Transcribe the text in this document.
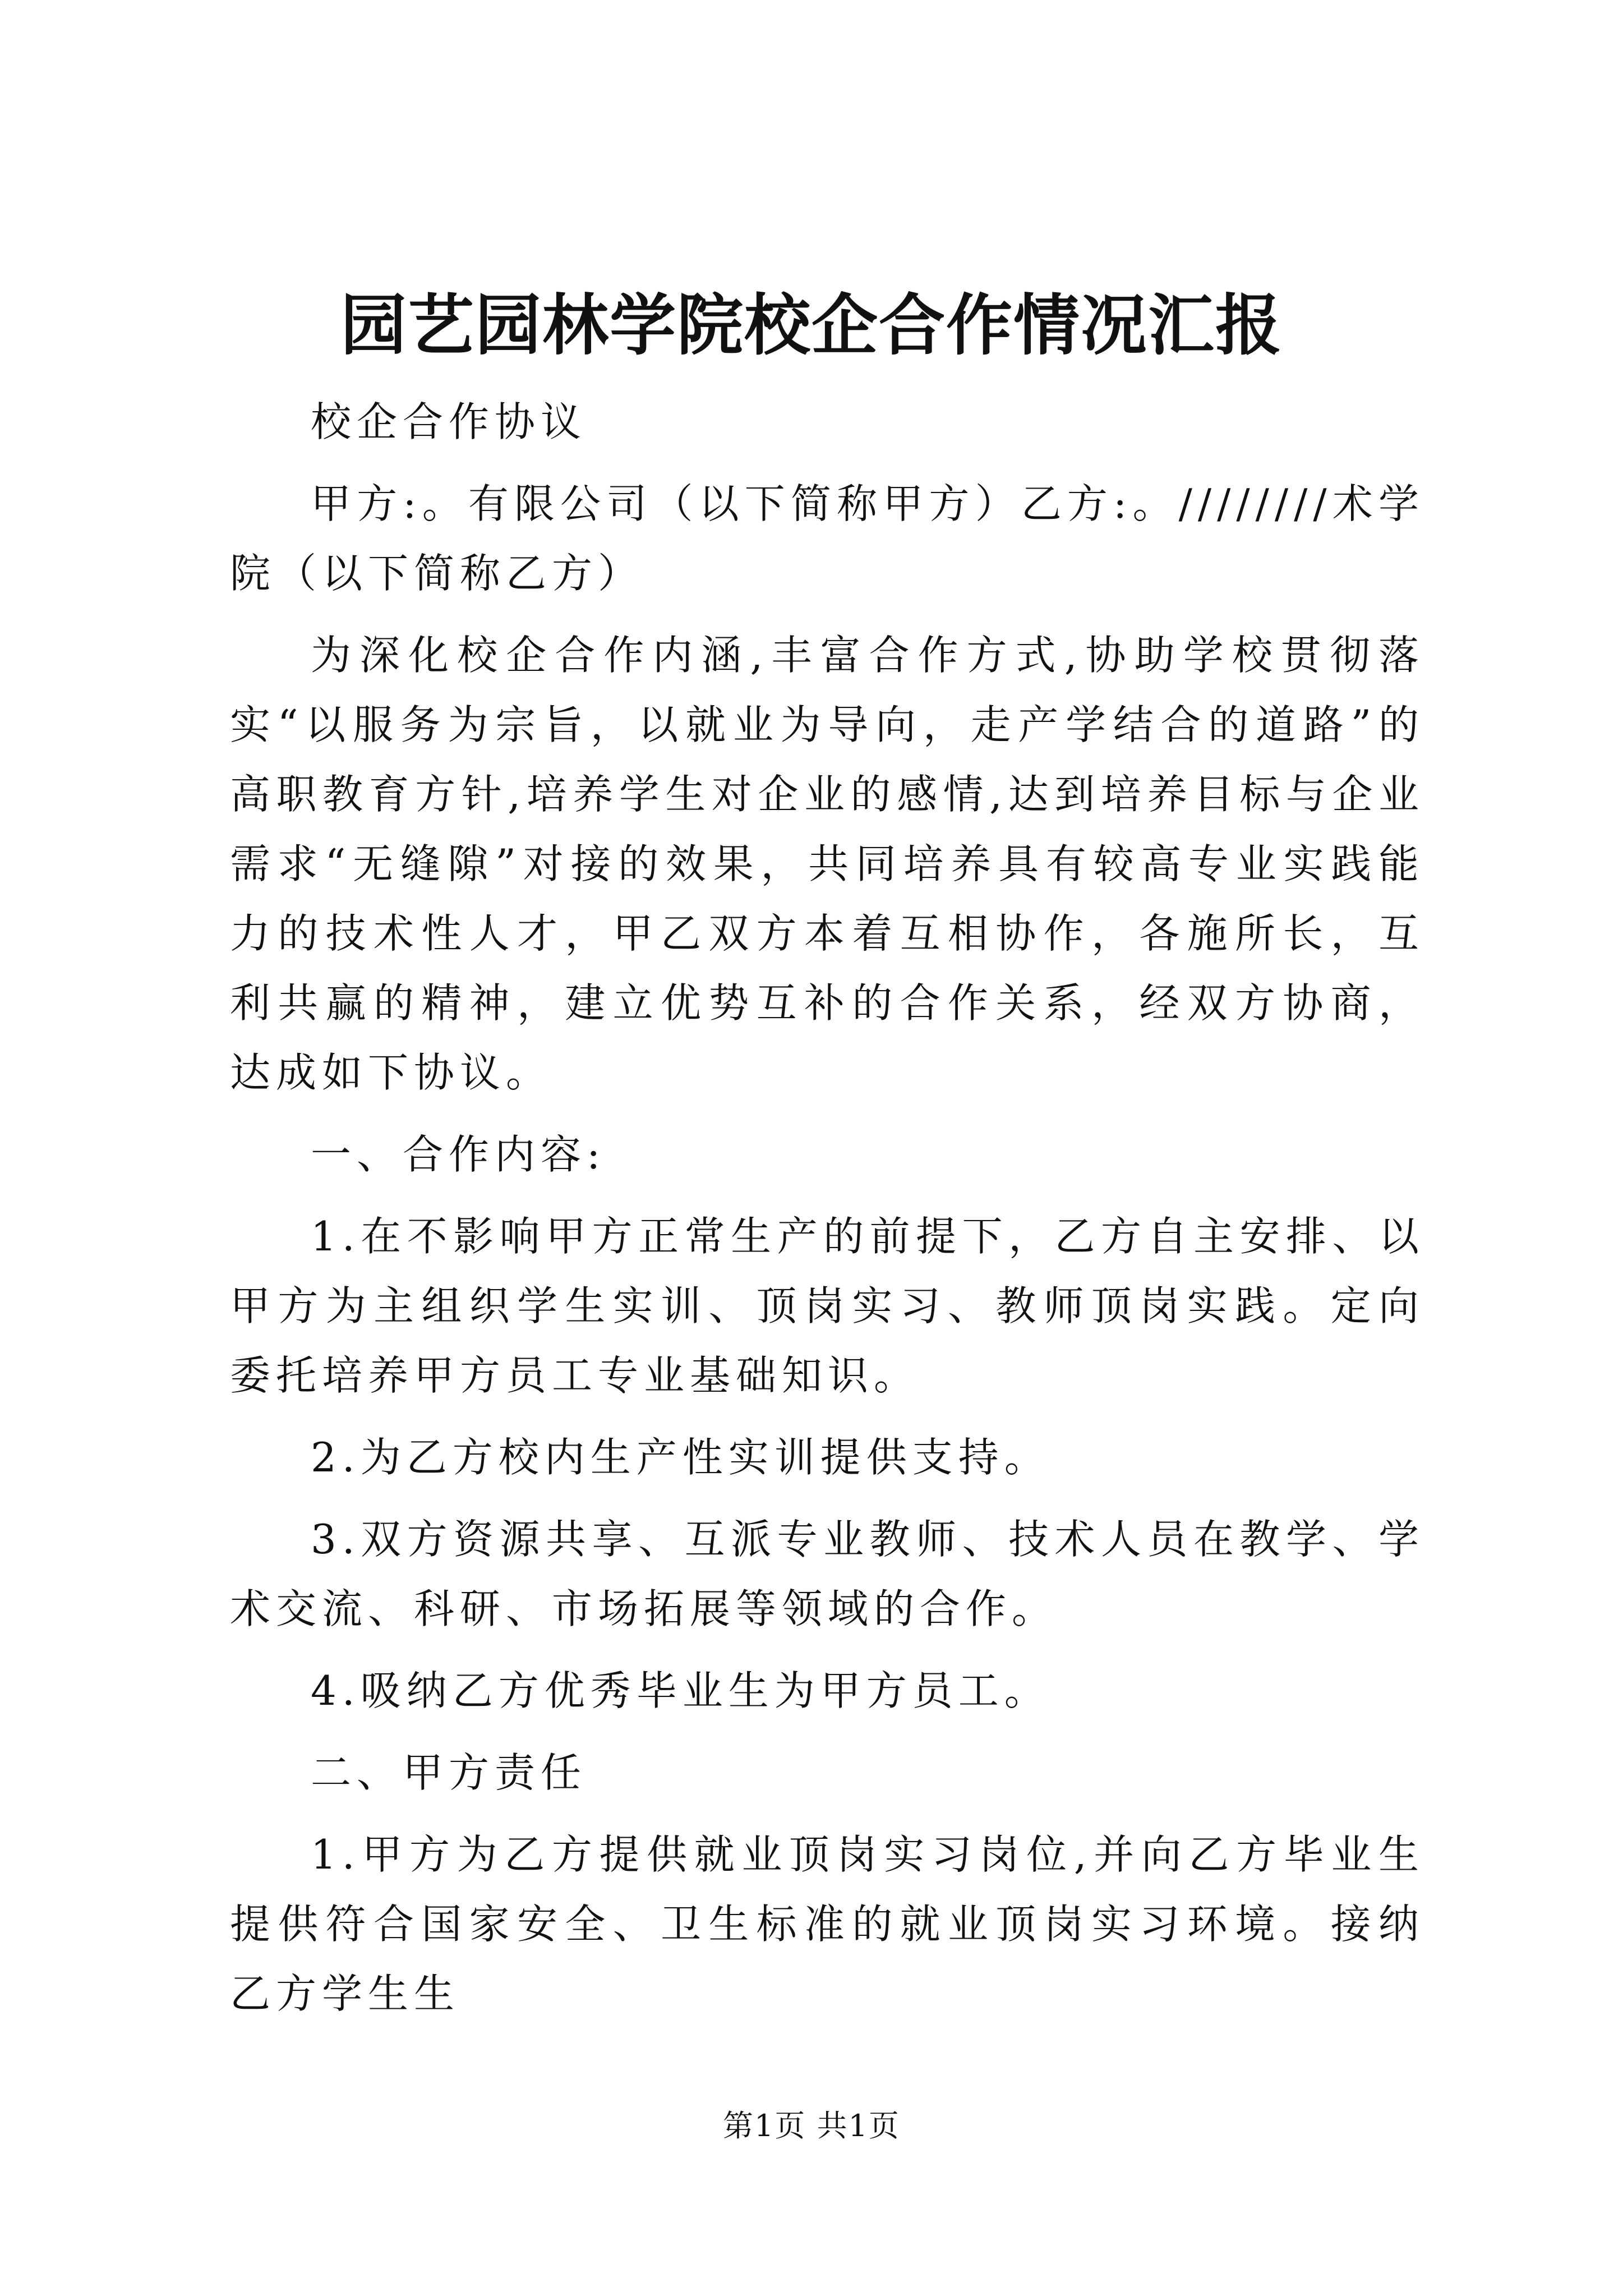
园艺园林学院校企合作情况汇报

校企合作协议

甲方:。有限公司（以下简称甲方）乙方:。////////术学院（以下简称乙方）

为深化校企合作内涵,丰富合作方式,协助学校贯彻落实“以服务为宗旨，以就业为导向，走产学结合的道路”的高职教育方针,培养学生对企业的感情,达到培养目标与企业需求“无缝隙”对接的效果，共同培养具有较高专业实践能力的技术性人才，甲乙双方本着互相协作，各施所长，互利共赢的精神，建立优势互补的合作关系，经双方协商，达成如下协议。

一、合作内容:

1.在不影响甲方正常生产的前提下，乙方自主安排、以甲方为主组织学生实训、顶岗实习、教师顶岗实践。定向委托培养甲方员工专业基础知识。

2.为乙方校内生产性实训提供支持。

3.双方资源共享、互派专业教师、技术人员在教学、学术交流、科研、市场拓展等领域的合作。

4.吸纳乙方优秀毕业生为甲方员工。

二、甲方责任

1.甲方为乙方提供就业顶岗实习岗位,并向乙方毕业生提供符合国家安全、卫生标准的就业顶岗实习环境。接纳乙方学生生

第1页 共1页
